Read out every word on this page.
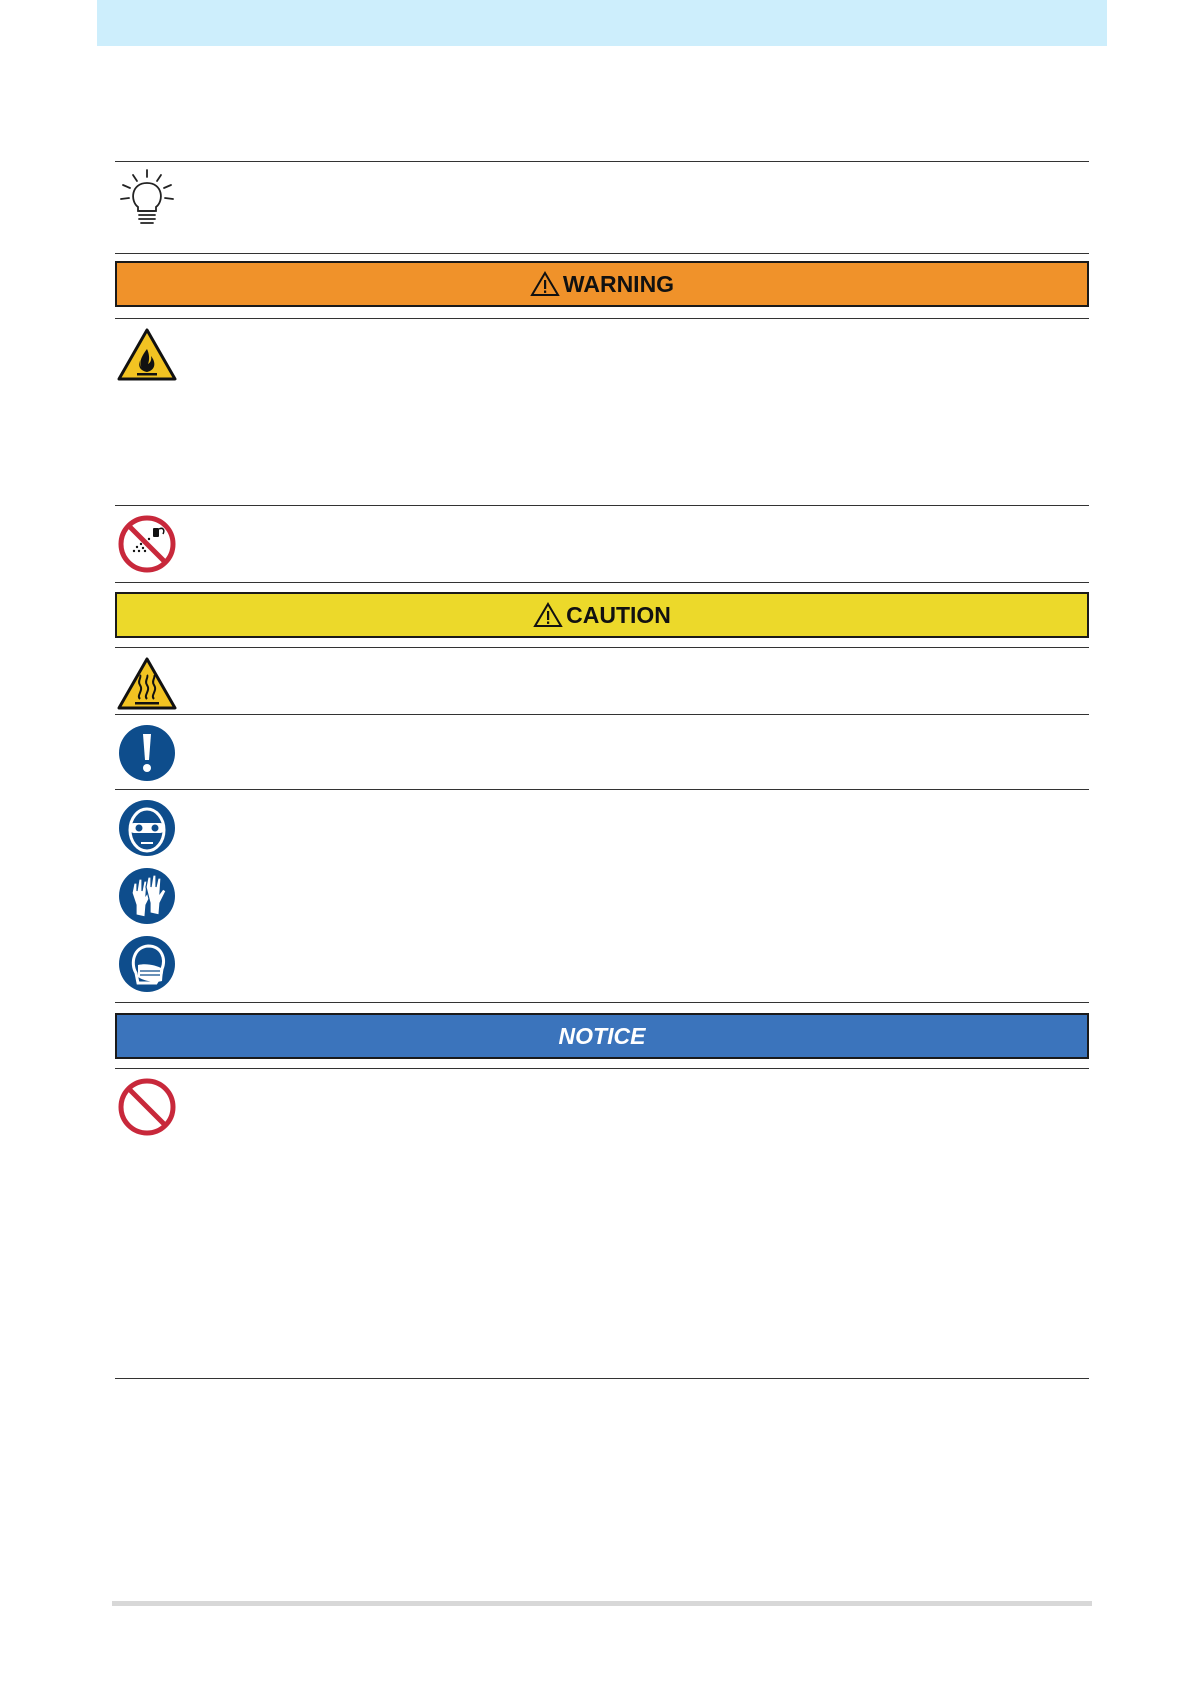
WARNING
CAUTION
NOTICE
